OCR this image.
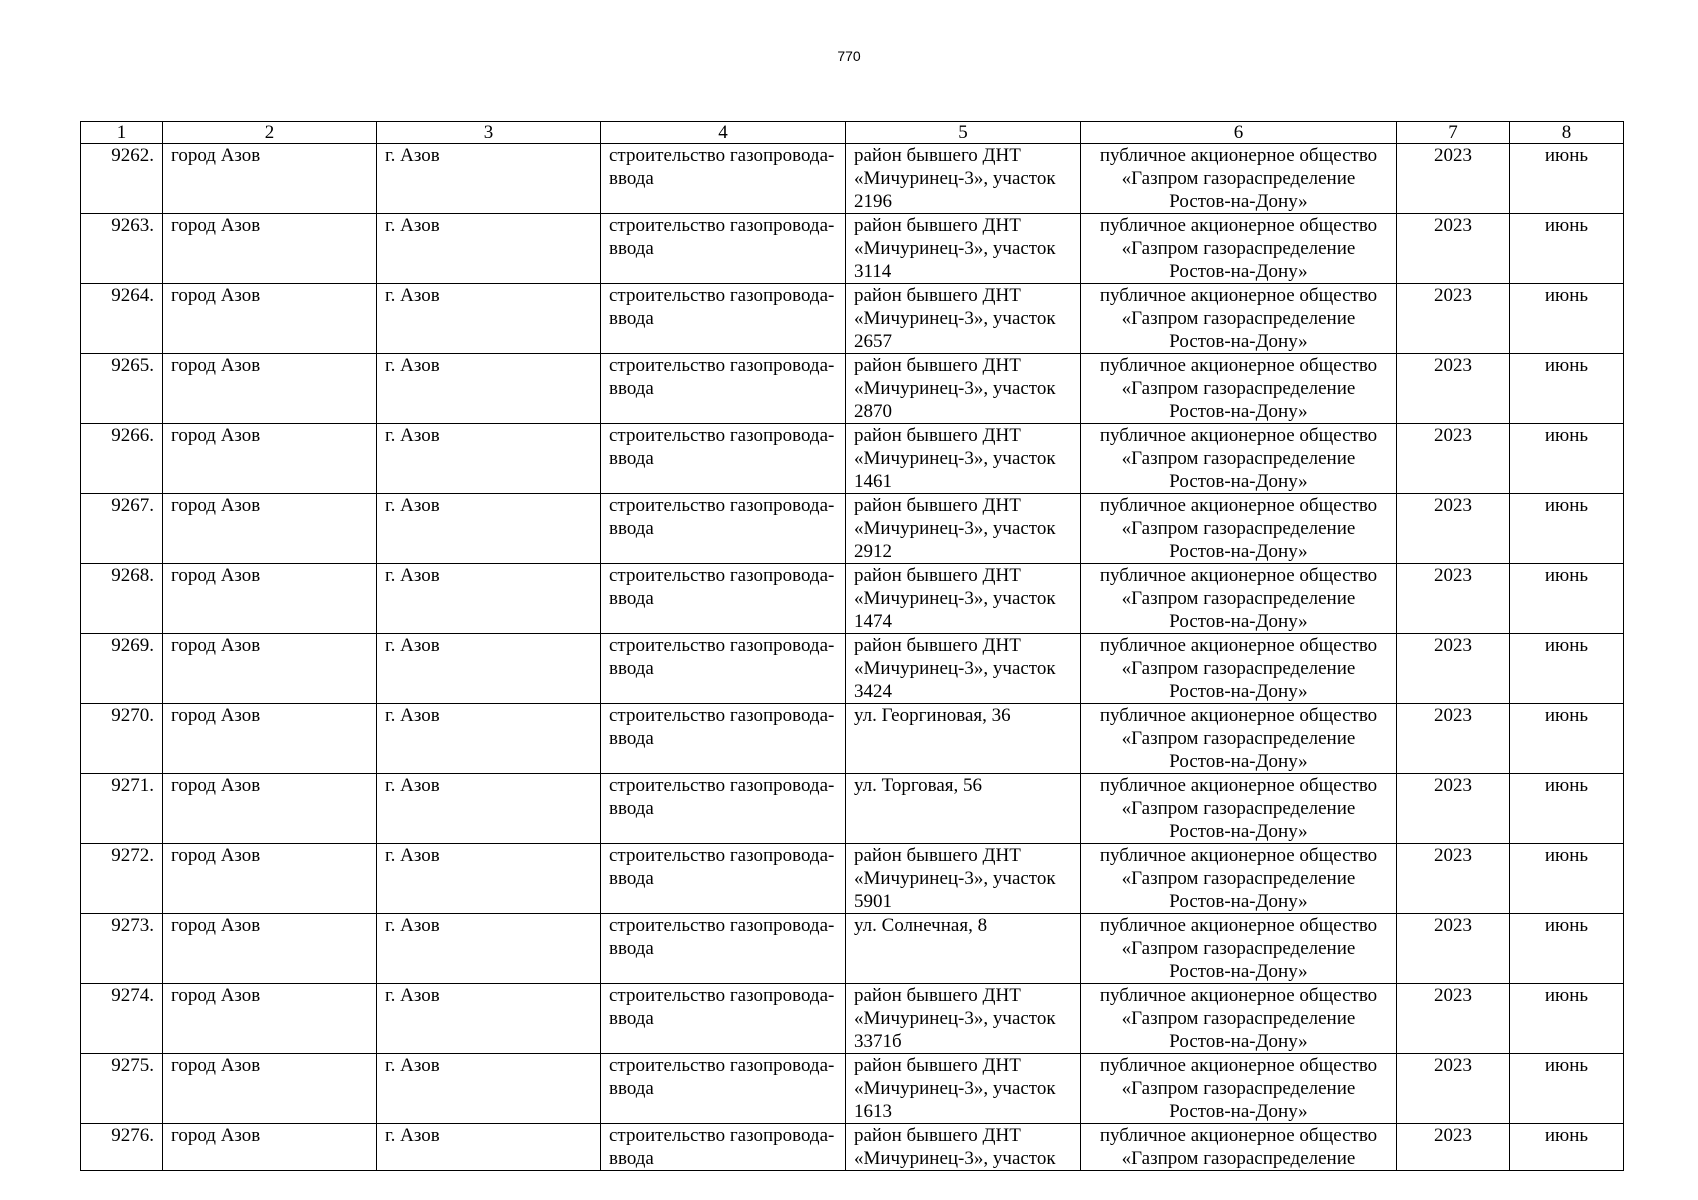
770
1	2	3	4	5	6	7	8

9262.	город Азов	г. Азов	строительство газопровода-ввода	район бывшего ДНТ «Мичуринец-3», участок 2196	публичное акционерное общество «Газпром газораспределение Ростов-на-Дону»	2023	июнь

9263.	город Азов	г. Азов	строительство газопровода-ввода	район бывшего ДНТ «Мичуринец-3», участок 3114	публичное акционерное общество «Газпром газораспределение Ростов-на-Дону»	2023	июнь

9264.	город Азов	г. Азов	строительство газопровода-ввода	район бывшего ДНТ «Мичуринец-3», участок 2657	публичное акционерное общество «Газпром газораспределение Ростов-на-Дону»	2023	июнь

9265.	город Азов	г. Азов	строительство газопровода-ввода	район бывшего ДНТ «Мичуринец-3», участок 2870	публичное акционерное общество «Газпром газораспределение Ростов-на-Дону»	2023	июнь

9266.	город Азов	г. Азов	строительство газопровода-ввода	район бывшего ДНТ «Мичуринец-3», участок 1461	публичное акционерное общество «Газпром газораспределение Ростов-на-Дону»	2023	июнь

9267.	город Азов	г. Азов	строительство газопровода-ввода	район бывшего ДНТ «Мичуринец-3», участок 2912	публичное акционерное общество «Газпром газораспределение Ростов-на-Дону»	2023	июнь

9268.	город Азов	г. Азов	строительство газопровода-ввода	район бывшего ДНТ «Мичуринец-3», участок 1474	публичное акционерное общество «Газпром газораспределение Ростов-на-Дону»	2023	июнь

9269.	город Азов	г. Азов	строительство газопровода-ввода	район бывшего ДНТ «Мичуринец-3», участок 3424	публичное акционерное общество «Газпром газораспределение Ростов-на-Дону»	2023	июнь

9270.	город Азов	г. Азов	строительство газопровода-ввода	ул. Георгиновая, 36	публичное акционерное общество «Газпром газораспределение Ростов-на-Дону»	2023	июнь

9271.	город Азов	г. Азов	строительство газопровода-ввода	ул. Торговая, 56	публичное акционерное общество «Газпром газораспределение Ростов-на-Дону»	2023	июнь

9272.	город Азов	г. Азов	строительство газопровода-ввода	район бывшего ДНТ «Мичуринец-3», участок 5901	публичное акционерное общество «Газпром газораспределение Ростов-на-Дону»	2023	июнь

9273.	город Азов	г. Азов	строительство газопровода-ввода	ул. Солнечная, 8	публичное акционерное общество «Газпром газораспределение Ростов-на-Дону»	2023	июнь

9274.	город Азов	г. Азов	строительство газопровода-ввода	район бывшего ДНТ «Мичуринец-3», участок 3371б	публичное акционерное общество «Газпром газораспределение Ростов-на-Дону»	2023	июнь

9275.	город Азов	г. Азов	строительство газопровода-ввода	район бывшего ДНТ «Мичуринец-3», участок 1613	публичное акционерное общество «Газпром газораспределение Ростов-на-Дону»	2023	июнь

9276.	город Азов	г. Азов	строительство газопровода-ввода	район бывшего ДНТ «Мичуринец-3», участок	публичное акционерное общество «Газпром газораспределение	2023	июнь
